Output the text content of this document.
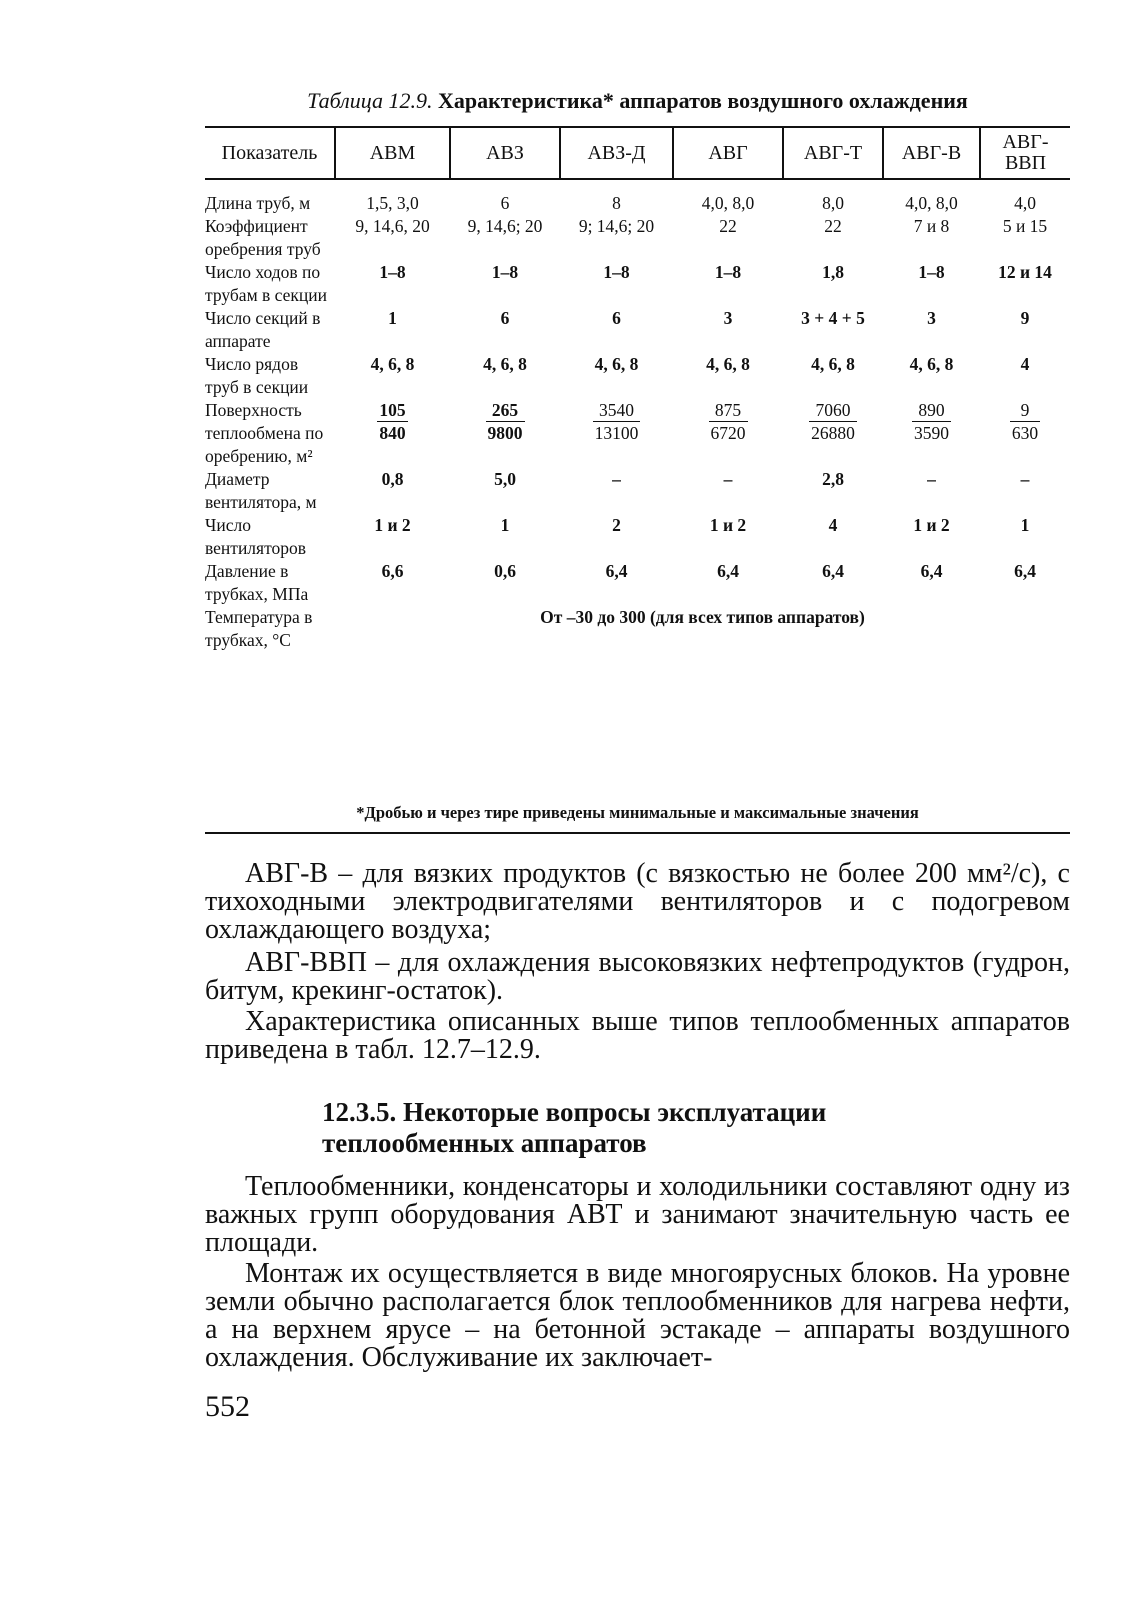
Таблица 12.9. Характеристика* аппаратов воздушного охлаждения
Показатель	АВМ	АВЗ	АВЗ-Д	АВГ	АВГ-Т	АВГ-В	АВГ-ВВП
Длина труб, м	1,5, 3,0	6	8	4,0, 8,0	8,0	4,0, 8,0	4,0
Коэффициент оребрения труб	9, 14,6, 20	9, 14,6; 20	9; 14,6; 20	22	22	7 и 8	5 и 15
Число ходов по трубам в секции	1–8	1–8	1–8	1–8	1,8	1–8	12 и 14
Число секций в аппарате	1	6	6	3	3 + 4 + 5	3	9
Число рядов труб в секции	4, 6, 8	4, 6, 8	4, 6, 8	4, 6, 8	4, 6, 8	4, 6, 8	4
Поверхность теплообмена по оребрению, м²	$\frac{105}{840}$	$\frac{265}{9800}$	$\frac{3540}{13100}$	$\frac{875}{6720}$	$\frac{7060}{26880}$	$\frac{890}{3590}$	$\frac{9}{630}$

Диаметр вентилятора, м	0,8	5,0	–	–	2,8	–	–
Число вентиляторов	1 и 2	1	2	1 и 2	4	1 и 2	1
Давление в трубках, МПа	6,6	0,6	6,4	6,4	6,4	6,4	6,4
Температура в трубках, °С	От –30 до 300 (для всех типов аппаратов)						
*Дробью и через тире приведены минимальные и максимальные значения

АВГ-В – для вязких продуктов (с вязкостью не более 200 мм²/с), с тихоходными электродвигателями вентиляторов и с подогревом охлаждающего воздуха;

АВГ-ВВП – для охлаждения высоковязких нефтепродуктов (гудрон, битум, крекинг-остаток).

Характеристика описанных выше типов теплообменных аппаратов приведена в табл. 12.7–12.9.

12.3.5. Некоторые вопросы эксплуатации теплообменных аппаратов

Теплообменники, конденсаторы и холодильники составляют одну из важных групп оборудования АВТ и занимают значительную часть ее площади.

Монтаж их осуществляется в виде многоярусных блоков. На уровне земли обычно располагается блок теплообменников для нагрева нефти, а на верхнем ярусе – на бетонной эстакаде – аппараты воздушного охлаждения. Обслуживание их заключает-

552
